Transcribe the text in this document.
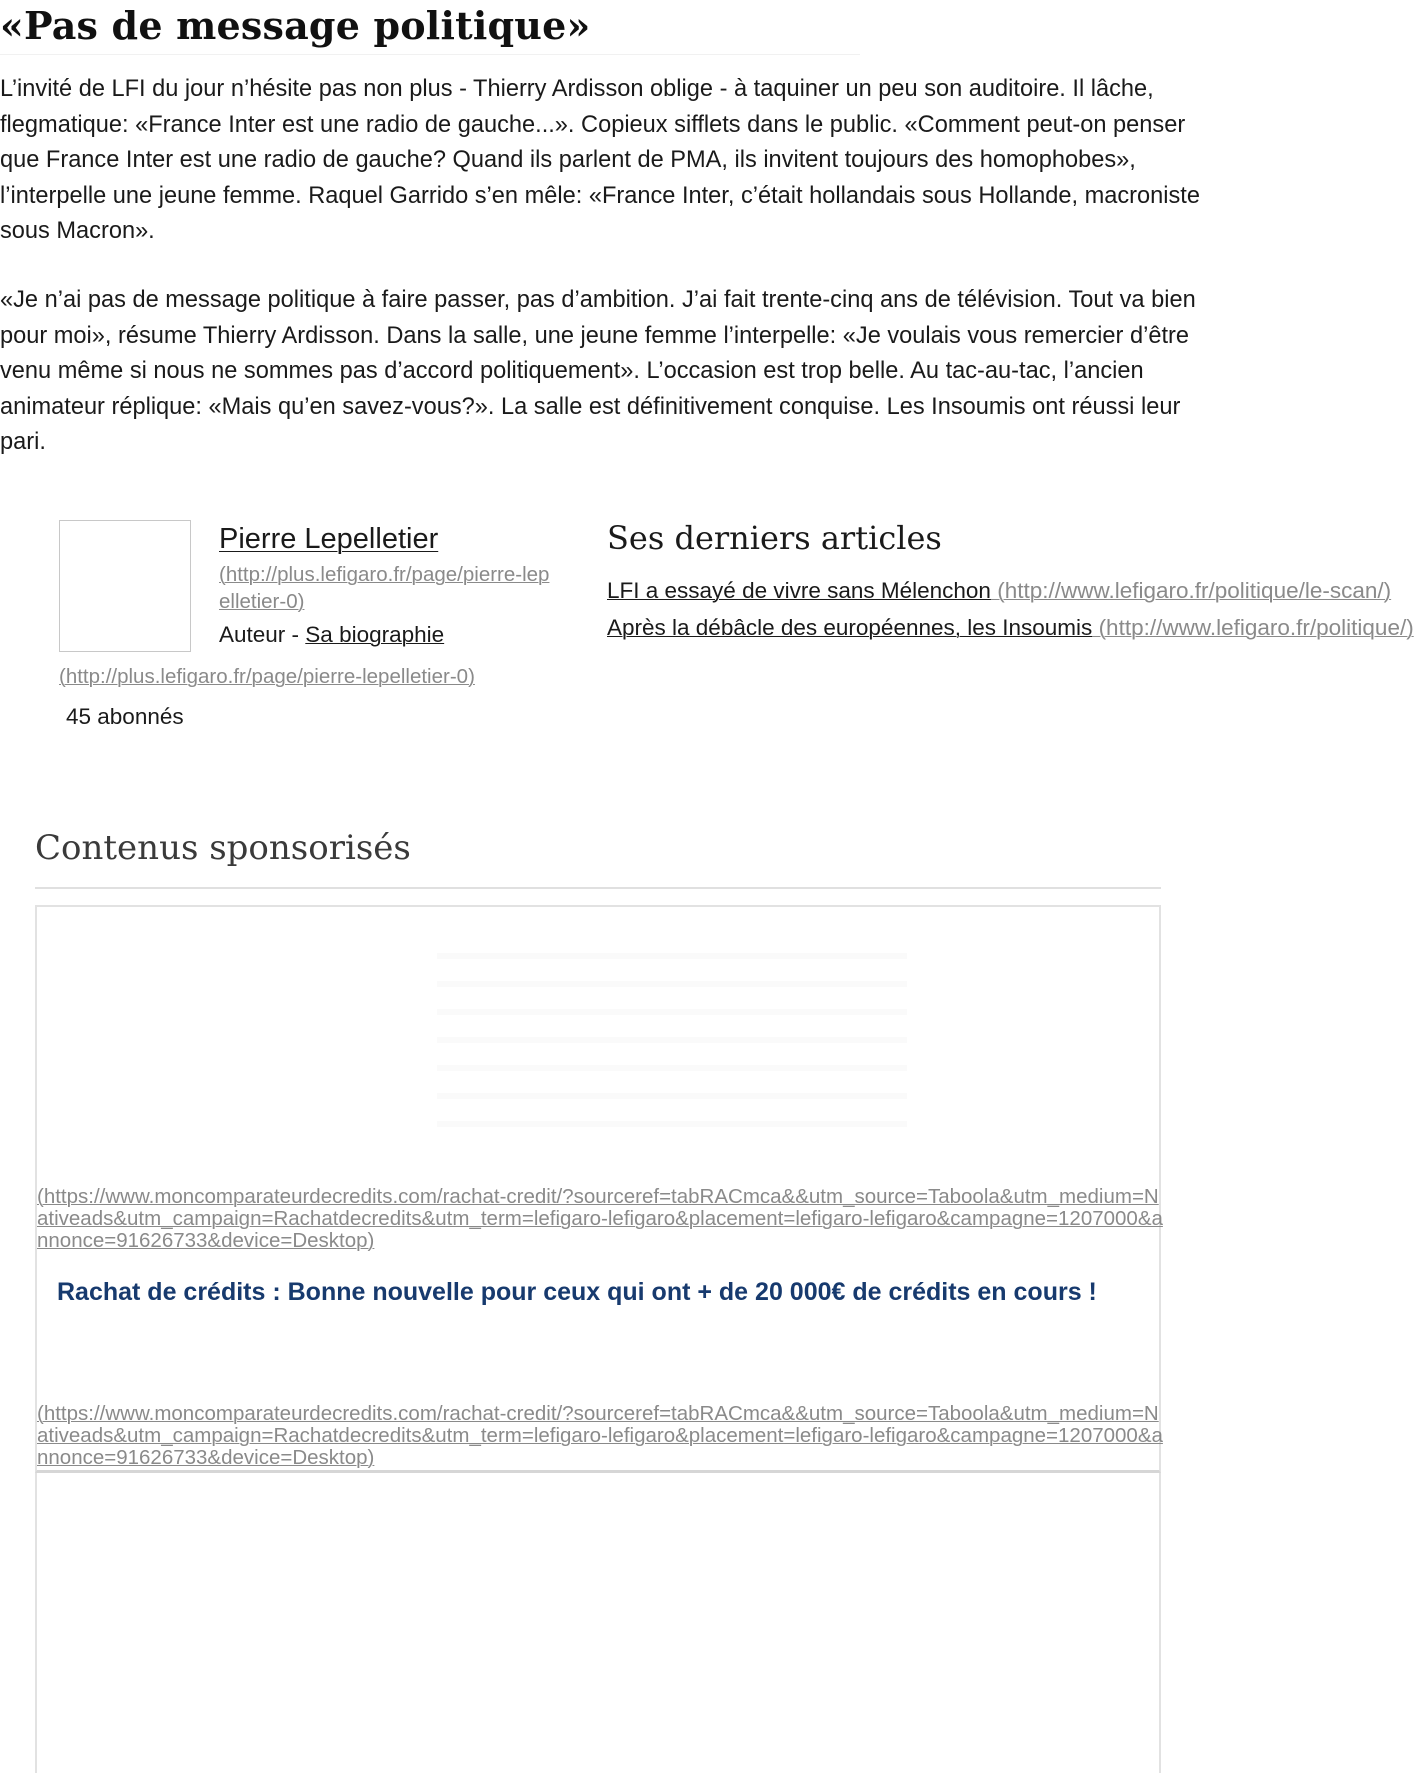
«Pas de message politique»

L’invité de LFI du jour n’hésite pas non plus - Thierry Ardisson oblige - à taquiner un peu son auditoire. Il lâche, flegmatique: «France Inter est une radio de gauche...». Copieux sifflets dans le public. «Comment peut-on penser que France Inter est une radio de gauche? Quand ils parlent de PMA, ils invitent toujours des homophobes», l’interpelle une jeune femme. Raquel Garrido s’en mêle: «France Inter, c’était hollandais sous Hollande, macroniste sous Macron».

«Je n’ai pas de message politique à faire passer, pas d’ambition. J’ai fait trente-cinq ans de télévision. Tout va bien pour moi», résume Thierry Ardisson. Dans la salle, une jeune femme l’interpelle: «Je voulais vous remercier d’être venu même si nous ne sommes pas d’accord politiquement». L’occasion est trop belle. Au tac-au-tac, l’ancien animateur réplique: «Mais qu’en savez-vous?». La salle est définitivement conquise. Les Insoumis ont réussi leur pari.

Pierre Lepelletier
(http://plus.lefigaro.fr/page/pierre-lepelletier-0)
Auteur - Sa biographie
(http://plus.lefigaro.fr/page/pierre-lepelletier-0)
45 abonnés
Ses derniers articles
LFI a essayé de vivre sans Mélenchon (http://www.lefigaro.fr/politique/le-scan/)
Après la débâcle des européennes, les Insoumis (http://www.lefigaro.fr/politique/)
Contenus sponsorisés
(https://www.moncomparateurdecredits.com/rachat-credit/?sourceref=tabRACmca&&utm_source=Taboola&utm_medium=Nativeads&utm_campaign=Rachatdecredits&utm_term=lefigaro-lefigaro&placement=lefigaro-lefigaro&campagne=1207000&annonce=91626733&device=Desktop)
Rachat de crédits : Bonne nouvelle pour ceux qui ont + de 20 000€ de crédits en cours !
(https://www.moncomparateurdecredits.com/rachat-credit/?sourceref=tabRACmca&&utm_source=Taboola&utm_medium=Nativeads&utm_campaign=Rachatdecredits&utm_term=lefigaro-lefigaro&placement=lefigaro-lefigaro&campagne=1207000&annonce=91626733&device=Desktop)
